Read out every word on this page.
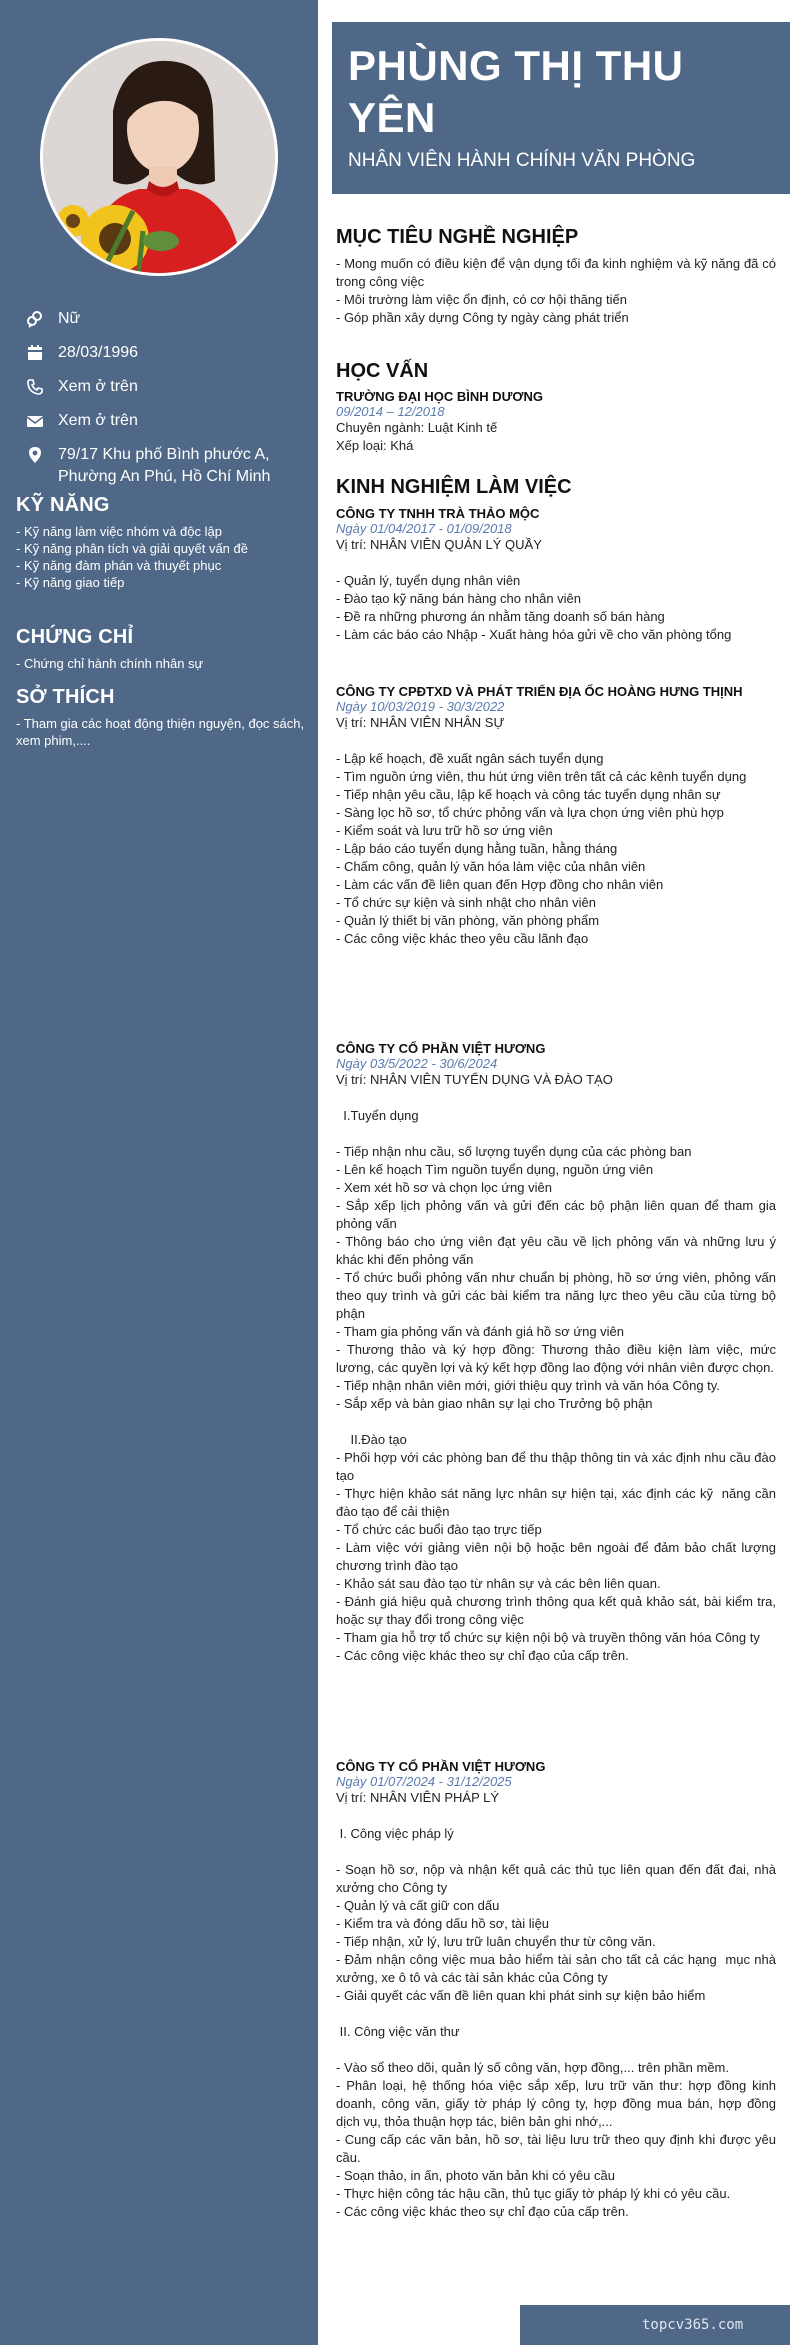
Nữ
28/03/1996
Xem ở trên
Xem ở trên
79/17 Khu phố Bình phước A, Phường An Phú, Hồ Chí Minh
KỸ NĂNG
- Kỹ năng làm việc nhóm và độc lập
- Kỹ năng phân tích và giải quyết vấn đề
- Kỹ năng đàm phán và thuyết phục
- Kỹ năng giao tiếp
CHỨNG CHỈ
- Chứng chỉ hành chính nhân sự
SỞ THÍCH
- Tham gia các hoạt động thiện nguyện, đọc sách, xem phim,....
PHÙNG THỊ THU YÊN
NHÂN VIÊN HÀNH CHÍNH VĂN PHÒNG
MỤC TIÊU NGHỀ NGHIỆP
- Mong muốn có điều kiện để vận dụng tối đa kinh nghiệm và kỹ năng đã có trong công việc
- Môi trường làm việc ổn định, có cơ hội thăng tiến
- Góp phần xây dựng Công ty ngày càng phát triển
HỌC VẤN
TRƯỜNG ĐẠI HỌC BÌNH DƯƠNG
09/2014 – 12/2018
Chuyên ngành: Luật Kinh tế
Xếp loại: Khá
KINH NGHIỆM LÀM VIỆC
CÔNG TY TNHH TRÀ THẢO MỘC
Ngày 01/04/2017 - 01/09/2018
Vị trí: NHÂN VIÊN QUẢN LÝ QUẦY

- Quản lý, tuyển dụng nhân viên
- Đào tạo kỹ năng bán hàng cho nhân viên
- Đề ra những phương án nhằm tăng doanh số bán hàng
- Làm các báo cáo Nhập - Xuất hàng hóa gửi về cho văn phòng tổng
CÔNG TY CPĐTXD VÀ PHÁT TRIỂN ĐỊA ỐC HOÀNG HƯNG THỊNH
Ngày 10/03/2019 - 30/3/2022
Vị trí: NHÂN VIÊN NHÂN SỰ

- Lập kế hoạch, đề xuất ngân sách tuyển dụng
- Tìm nguồn ứng viên, thu hút ứng viên trên tất cả các kênh tuyển dụng
- Tiếp nhận yêu cầu, lập kế hoạch và công tác tuyển dụng nhân sự
- Sàng lọc hồ sơ, tổ chức phỏng vấn và lựa chọn ứng viên phù hợp
- Kiểm soát và lưu trữ hồ sơ ứng viên
- Lập báo cáo tuyển dụng hằng tuần, hằng tháng
- Chấm công, quản lý văn hóa làm việc của nhân viên
- Làm các vấn đề liên quan đến Hợp đồng cho nhân viên
- Tổ chức sự kiện và sinh nhật cho nhân viên
- Quản lý thiết bị văn phòng, văn phòng phẩm
- Các công việc khác theo yêu cầu lãnh đạo
CÔNG TY CỔ PHẦN VIỆT HƯƠNG
Ngày 03/5/2022 - 30/6/2024
Vị trí: NHÂN VIÊN TUYỂN DỤNG VÀ ĐÀO TẠO

I.Tuyển dụng

- Tiếp nhận nhu cầu, số lượng tuyển dụng của các phòng ban
- Lên kế hoạch Tìm nguồn tuyển dụng, nguồn ứng viên
- Xem xét hồ sơ và chọn lọc ứng viên
- Sắp xếp lịch phỏng vấn và gửi đến các bộ phận liên quan để tham gia phỏng vấn
- Thông báo cho ứng viên đạt yêu cầu về lịch phỏng vấn và những lưu ý khác khi đến phỏng vấn
- Tổ chức buổi phỏng vấn như chuẩn bị phòng, hồ sơ ứng viên, phỏng vấn theo quy trình và gửi các bài kiểm tra năng lực theo yêu cầu của từng bộ phận
- Tham gia phỏng vấn và đánh giá hồ sơ ứng viên
- Thương thảo và ký hợp đồng: Thương thảo điều kiện làm việc, mức lương, các quyền lợi và ký kết hợp đồng lao động với nhân viên được chọn.
- Tiếp nhận nhân viên mới, giới thiệu quy trình và văn hóa Công ty.
- Sắp xếp và bàn giao nhân sự lại cho Trưởng bộ phận

II.Đào tạo
- Phối hợp với các phòng ban để thu thập thông tin và xác định nhu cầu đào tạo
- Thực hiện khảo sát năng lực nhân sự hiện tại, xác định các kỹ  năng cần đào tạo để cải thiện
- Tổ chức các buổi đào tạo trực tiếp
- Làm việc với giảng viên nội bộ hoặc bên ngoài để đảm bảo chất lượng chương trình đào tạo
- Khảo sát sau đào tạo từ nhân sự và các bên liên quan.
- Đánh giá hiệu quả chương trình thông qua kết quả khảo sát, bài kiểm tra, hoặc sự thay đổi trong công việc
- Tham gia hỗ trợ tổ chức sự kiện nội bộ và truyền thông văn hóa Công ty
- Các công việc khác theo sự chỉ đạo của cấp trên.
CÔNG TY CỔ PHẦN VIỆT HƯƠNG
Ngày 01/07/2024 - 31/12/2025
Vị trí: NHÂN VIÊN PHÁP LÝ

I. Công việc pháp lý

- Soạn hồ sơ, nộp và nhận kết quả các thủ tục liên quan đến đất đai, nhà xưởng cho Công ty
- Quản lý và cất giữ con dấu
- Kiểm tra và đóng dấu hồ sơ, tài liệu
- Tiếp nhận, xử lý, lưu trữ luân chuyển thư từ công văn.
- Đảm nhận công việc mua bảo hiểm tài sản cho tất cả các hạng  mục nhà xưởng, xe ô tô và các tài sản khác của Công ty
- Giải quyết các vấn đề liên quan khi phát sinh sự kiện bảo hiểm

II. Công việc văn thư

- Vào sổ theo dõi, quản lý số công văn, hợp đồng,... trên phần mềm.
- Phân loại, hệ thống hóa việc sắp xếp, lưu trữ văn thư: hợp đồng kinh doanh, công văn, giấy tờ pháp lý công ty, hợp đồng mua bán, hợp đồng dịch vụ, thỏa thuận hợp tác, biên bản ghi nhớ,...
- Cung cấp các văn bản, hồ sơ, tài liệu lưu trữ theo quy định khi được yêu cầu.
- Soạn thảo, in ấn, photo văn bản khi có yêu cầu
- Thực hiện công tác hậu cần, thủ tục giấy tờ pháp lý khi có yêu cầu.
- Các công việc khác theo sự chỉ đạo của cấp trên.
topcv365.com
